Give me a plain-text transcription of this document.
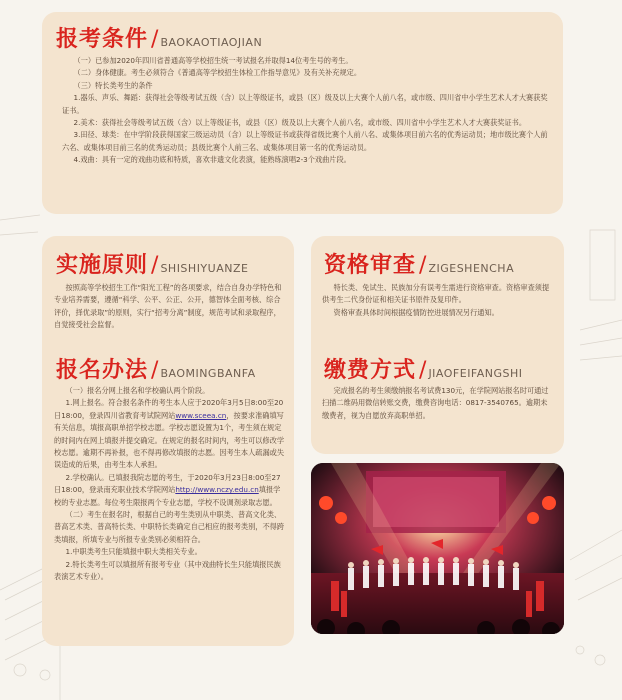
报考条件 / BAOKAOTIAOJIAN

（一）已参加2020年四川省普通高等学校招生统一考试报名并取得14位考生号的考生。

（二）身体健康。考生必须符合《普通高等学校招生体检工作指导意见》及有关补充规定。

（三）特长类考生的条件

1.器乐、声乐、舞蹈：获得社会等级考试五级（含）以上等级证书，或县（区）级及以上大赛个人前八名，或市级、四川省中小学生艺术人才大赛获奖证书。

2.美术：获得社会等级考试五级（含）以上等级证书，或县（区）级及以上大赛个人前八名，或市级、四川省中小学生艺术人才大赛获奖证书。

3.田径、球类：在中学阶段获得国家三级运动员（含）以上等级证书或获得省级比赛个人前八名、或集体项目前六名的优秀运动员；地市级比赛个人前六名、或集体项目前三名的优秀运动员；县级比赛个人前三名、或集体项目第一名的优秀运动员。

4.戏曲：具有一定的戏曲功底和特质，喜欢非遗文化表演，能熟练演唱2-3个戏曲片段。

实施原则 / SHISHIYUANZE

按照高等学校招生工作“阳光工程”的各项要求，结合自身办学特色和专业培养需要，遵循“科学、公平、公正、公开，德智体全面考核、综合评价，择优录取”的原则，实行“招考分离”制度，规范考试和录取程序，自觉接受社会监督。

报名办法 / BAOMINGBANFA

（一）报名分网上报名和学校确认两个阶段。

1.网上报名。符合报名条件的考生本人应于2020年3月5日8:00至20日18:00，登录四川省教育考试院网站www.sceea.cn，按要求准确填写有关信息，填报高职单招学校志愿。学校志愿设置为1个，考生须在规定的时间内在网上填报并提交确定。在规定的报名时间内，考生可以修改学校志愿。逾期不再补报，也不得再修改填报的志愿。因考生本人疏漏或失误造成的后果，由考生本人承担。

2.学校确认。已填报我院志愿的考生，于2020年3月23日8:00至27日18:00，登录南充职业技术学院网站http://www.nczy.edu.cn填报学校的专业志愿。每位考生限报两个专业志愿，学校不设调剂录取志愿。

（二）考生在报名时，根据自己的考生类别从中职类、普高文化类、普高艺术类、普高特长类、中职特长类确定自己相应的报考类别，不得跨类填报，所填专业与所报专业类别必须相符合。

1.中职类考生只能填报中职大类相关专业。

2.特长类考生可以填报所有报考专业（其中戏曲特长生只能填报民族表演艺术专业）。

资格审查 / ZIGESHENCHA

特长类、免试生、民族加分有误考生需进行资格审查。资格审查须提供考生二代身份证和相关证书原件及复印件。

资格审查具体时间根据疫情防控进展情况另行通知。

缴费方式 / JIAOFEIFANGSHI

完成报名的考生须缴纳报名考试费130元，在学院网站报名时可通过扫描二维码用微信转账交费，缴费咨询电话：0817-3540765。逾期未缴费者，视为自愿放弃高职单招。
